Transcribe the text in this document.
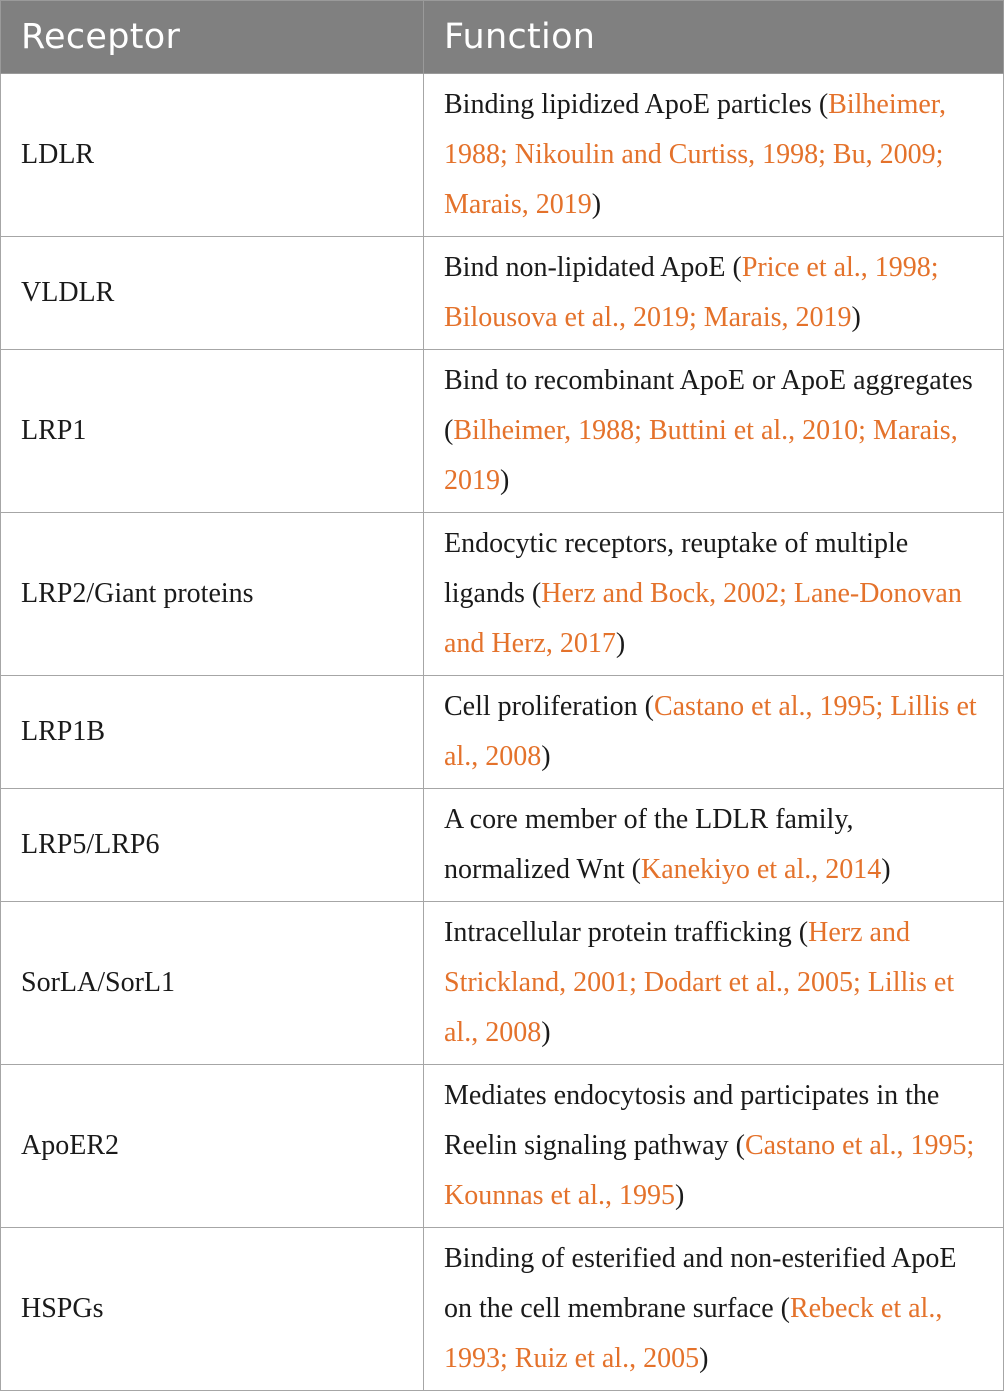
Receptor	Function
LDLR	Binding lipidized ApoE particles (Bilheimer, 1988; Nikoulin and Curtiss, 1998; Bu, 2009; Marais, 2019)
VLDLR	Bind non-lipidated ApoE (Price et al., 1998; Bilousova et al., 2019; Marais, 2019)
LRP1	Bind to recombinant ApoE or ApoE aggregates (Bilheimer, 1988; Buttini et al., 2010; Marais, 2019)
LRP2/Giant proteins	Endocytic receptors, reuptake of multiple ligands (Herz and Bock, 2002; Lane-Donovan and Herz, 2017)
LRP1B	Cell proliferation (Castano et al., 1995; Lillis et al., 2008)
LRP5/LRP6	A core member of the LDLR family, normalized Wnt (Kanekiyo et al., 2014)
SorLA/SorL1	Intracellular protein trafficking (Herz and Strickland, 2001; Dodart et al., 2005; Lillis et al., 2008)
ApoER2	Mediates endocytosis and participates in the Reelin signaling pathway (Castano et al., 1995; Kounnas et al., 1995)
HSPGs	Binding of esterified and non-esterified ApoE on the cell membrane surface (Rebeck et al., 1993; Ruiz et al., 2005)
